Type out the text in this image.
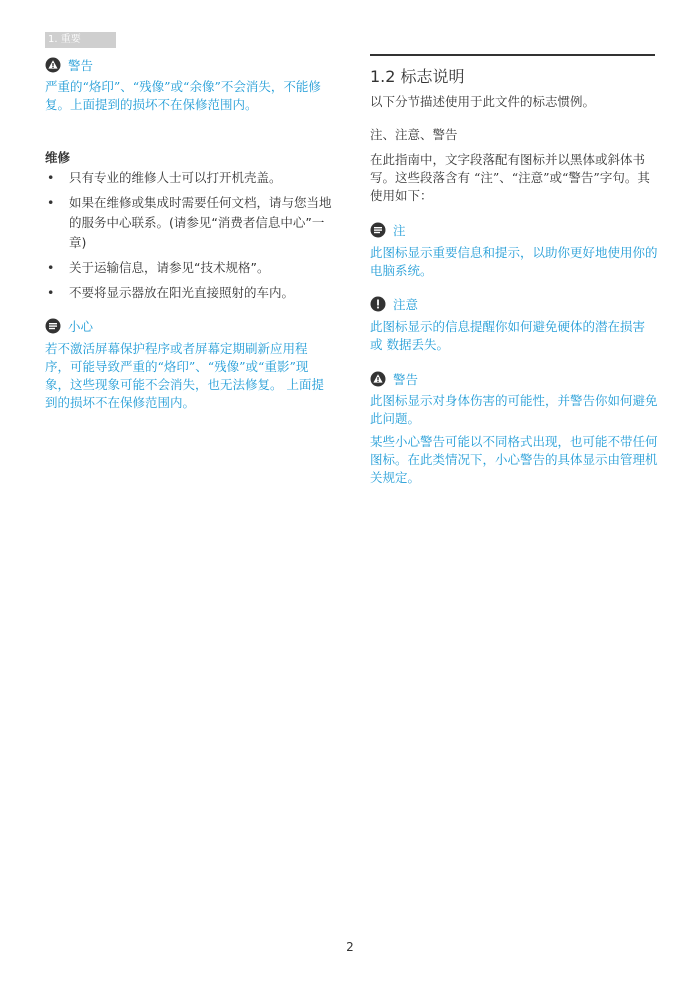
1. 重要
警告
严重的“烙印”、“残像”或“余像”不会消失，不能修复。上面提到的损坏不在保修范围内。
维修
• 只有专业的维修人士可以打开机壳盖。
• 如果在维修或集成时需要任何文档，请与您当地的服务中心联系。(请参见“消费者信息中心”一章)
• 关于运输信息，请参见“技术规格”。
• 不要将显示器放在阳光直接照射的车内。
小心
若不激活屏幕保护程序或者屏幕定期刷新应用程序，可能导致严重的“烙印”、“残像”或“重影”现象，这些现象可能不会消失，也无法修复。 上面提到的损坏不在保修范围内。
1.2 标志说明
以下分节描述使用于此文件的标志惯例。
注、注意、警告
在此指南中，文字段落配有图标并以黑体或斜体书写。这些段落含有 “注”、“注意”或“警告”字句。其使用如下：
注
此图标显示重要信息和提示，以助你更好地使用你的电脑系统。
注意
此图标显示的信息提醒你如何避免硬体的潜在损害或 数据丢失。
警告
此图标显示对身体伤害的可能性，并警告你如何避免此问题。
某些小心警告可能以不同格式出现，也可能不带任何图标。在此类情况下，小心警告的具体显示由管理机关规定。
2
